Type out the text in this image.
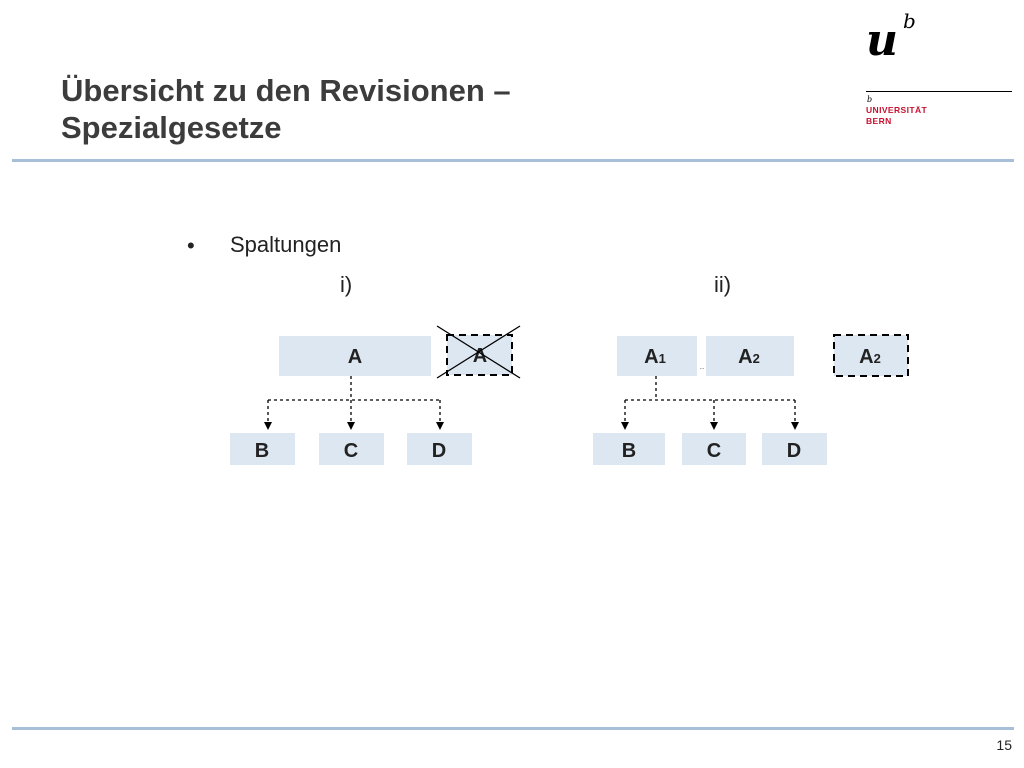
Übersicht zu den Revisionen –
Spezialgesetze
u b
b
UNIVERSITÄT
BERN
• Spaltungen
i)	ii)
A	A
B	C	D
A1
... A2	A2
B	C	D
15
